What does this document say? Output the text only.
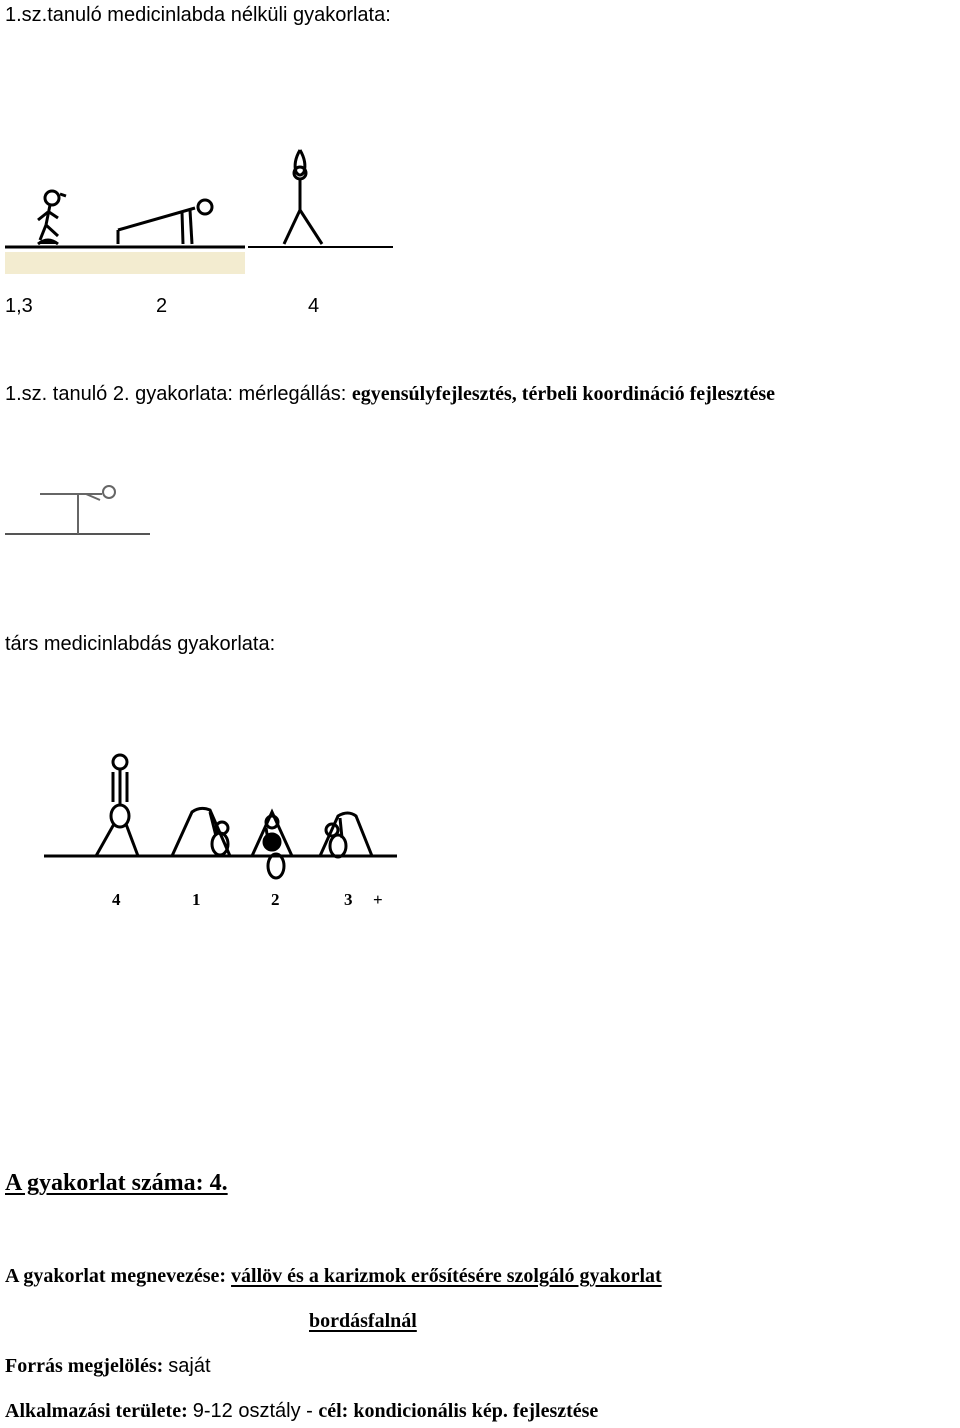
1.sz.tanuló medicinlabda nélküli gyakorlata:
1,3	2	4
1.sz. tanuló 2. gyakorlata: mérlegállás: egyensúlyfejlesztés, térbeli koordináció fejlesztése
társ medicinlabdás gyakorlata:
4	1	2	3 +
A gyakorlat száma: 4.
A gyakorlat megnevezése: vállöv és a karizmok erősítésére szolgáló gyakorlat
bordásfalnál
Forrás megjelölés: saját
Alkalmazási területe: 9-12 osztály - cél: kondicionális kép. fejlesztése
